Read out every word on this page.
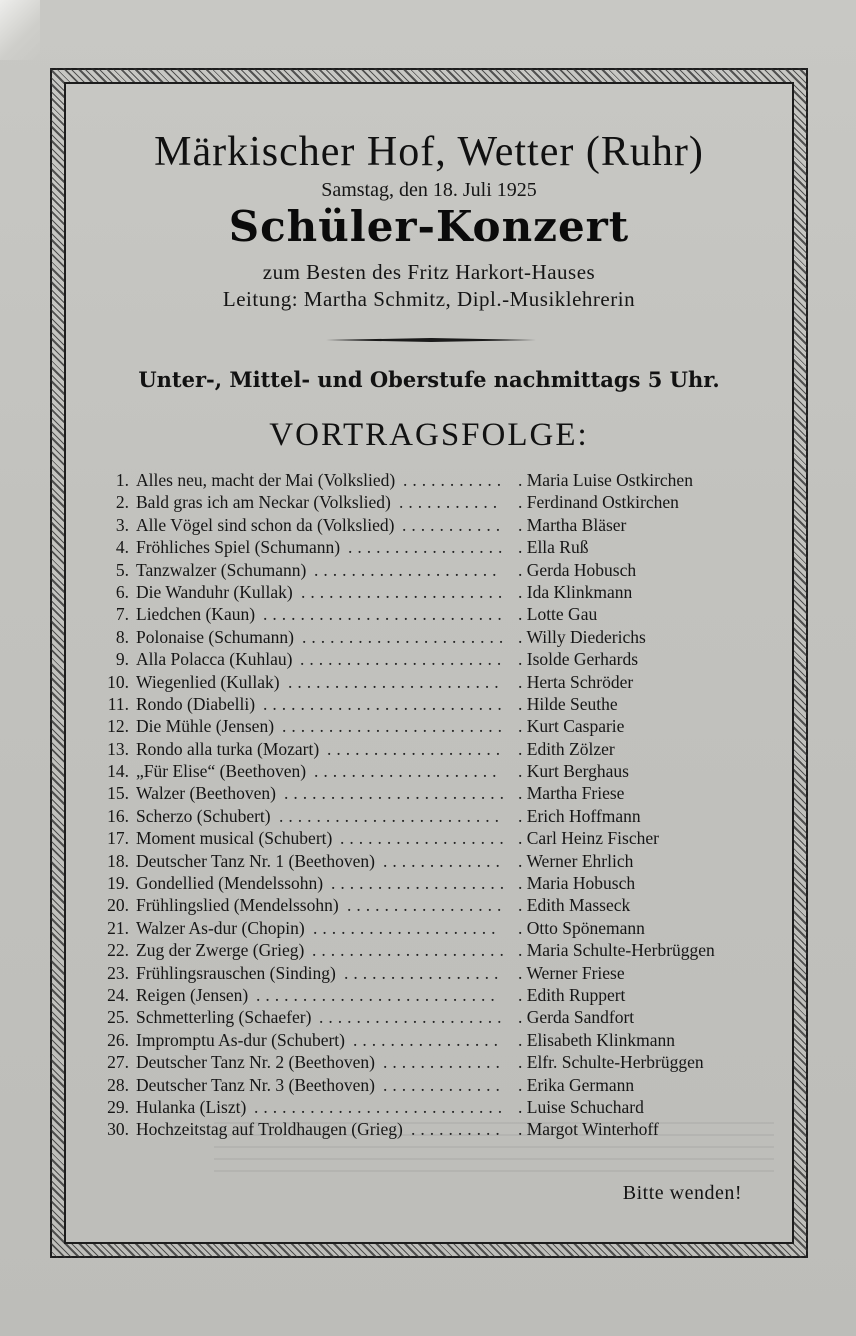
Märkischer Hof, Wetter (Ruhr)
Samstag, den 18. Juli 1925
Schüler-Konzert
zum Besten des Fritz Harkort-Hauses
Leitung: Martha Schmitz, Dipl.-Musiklehrerin
Unter-, Mittel- und Oberstufe nachmittags 5 Uhr.
VORTRAGSFOLGE:
1. Alles neu, macht der Mai (Volkslied)	. Maria Luise Ostkirchen
...........
2. Bald gras ich am Neckar (Volkslied)	. Ferdinand Ostkirchen
...........
3. Alle Vögel sind schon da (Volkslied)	. Martha Bläser
...........
4. Fröhliches Spiel (Schumann)	. Ella Ruß
.................
5. Tanzwalzer (Schumann)	. Gerda Hobusch
....................
6. Die Wanduhr (Kullak)	. Ida Klinkmann
......................
7. Liedchen (Kaun)	. Lotte Gau
..........................
8. Polonaise (Schumann)	. Willy Diederichs
......................
9. Alla Polacca (Kuhlau)	. Isolde Gerhards
......................
10. Wiegenlied (Kullak)	. Herta Schröder
.......................
11. Rondo (Diabelli)	. Hilde Seuthe
..........................
12. Die Mühle (Jensen)	. Kurt Casparie
........................
13. Rondo alla turka (Mozart)	. Edith Zölzer
...................
14. „Für Elise“ (Beethoven)	. Kurt Berghaus
....................
15. Walzer (Beethoven)	. Martha Friese
........................
16. Scherzo (Schubert)	. Erich Hoffmann
........................
17. Moment musical (Schubert)	. Carl Heinz Fischer
..................
18. Deutscher Tanz Nr. 1 (Beethoven)	. Werner Ehrlich
.............
19. Gondellied (Mendelssohn)	. Maria Hobusch
...................
20. Frühlingslied (Mendelssohn)	. Edith Masseck
.................
21. Walzer As-dur (Chopin)	. Otto Spönemann
....................
22. Zug der Zwerge (Grieg)	. Maria Schulte-Herbrüggen
.....................
23. Frühlingsrauschen (Sinding)	. Werner Friese
.................
24. Reigen (Jensen)	. Edith Ruppert
..........................
25. Schmetterling (Schaefer)	. Gerda Sandfort
....................
26. Impromptu As-dur (Schubert)	. Elisabeth Klinkmann
................
27. Deutscher Tanz Nr. 2 (Beethoven)	. Elfr. Schulte-Herbrüggen
.............
28. Deutscher Tanz Nr. 3 (Beethoven)	. Erika Germann
.............
29. Hulanka (Liszt)	. Luise Schuchard
...........................
30. Hochzeitstag auf Troldhaugen (Grieg)	. Margot Winterhoff
..........
Bitte wenden!
